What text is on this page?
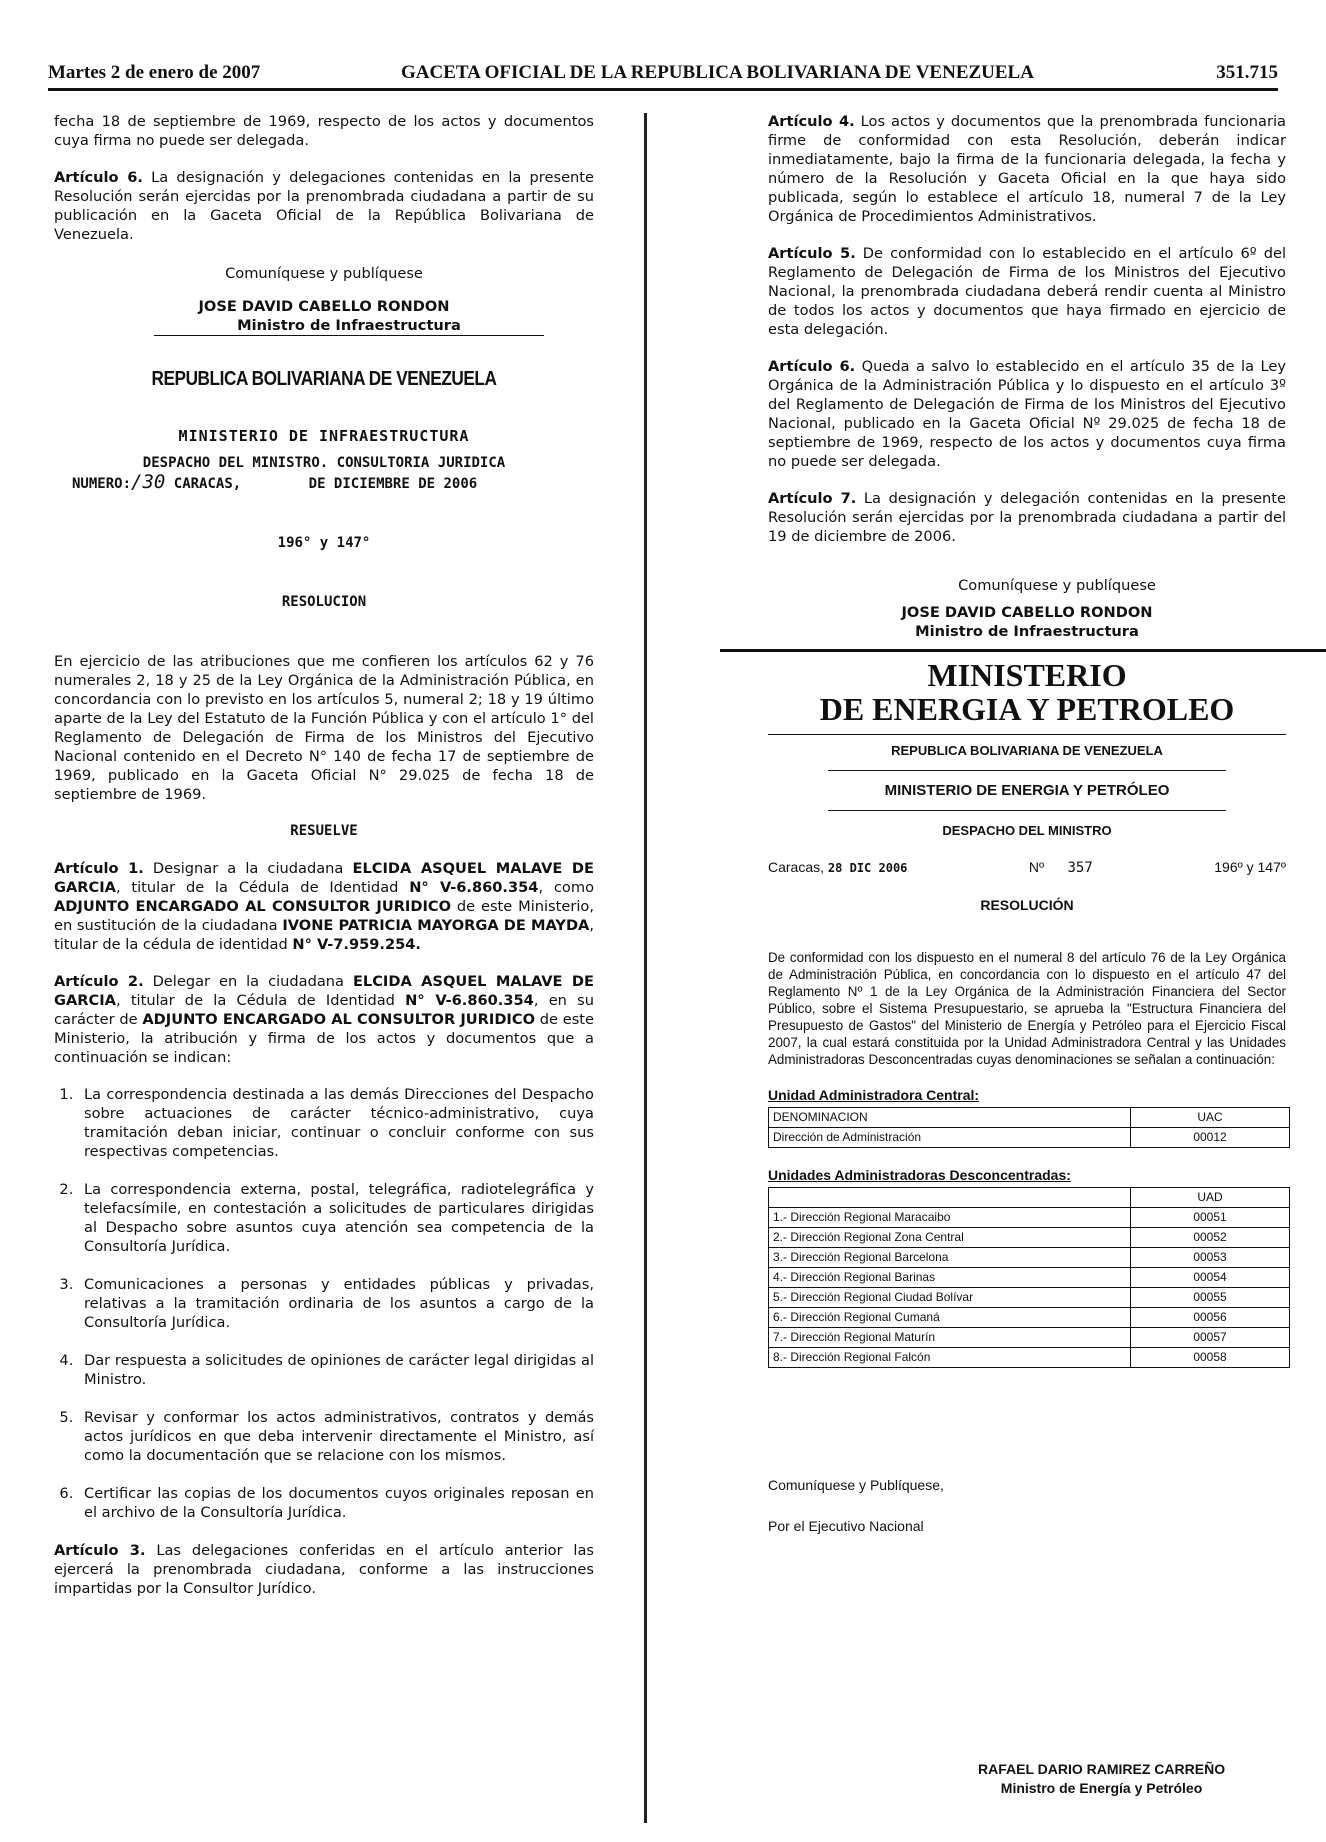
Martes 2 de enero de 2007	GACETA OFICIAL DE LA REPUBLICA BOLIVARIANA DE VENEZUELA	351.715

fecha 18 de septiembre de 1969, respecto de los actos y documentos cuya firma no puede ser delegada.

Artículo 6. La designación y delegaciones contenidas en la presente Resolución serán ejercidas por la prenombrada ciudadana a partir de su publicación en la Gaceta Oficial de la República Bolivariana de Venezuela.

Comuníquese y publíquese

JOSE DAVID CABELLO RONDON

Ministro de Infraestructura

REPUBLICA BOLIVARIANA DE VENEZUELA

MINISTERIO DE INFRAESTRUCTURA

DESPACHO DEL MINISTRO. CONSULTORIA JURIDICA

NUMERO:/30 CARACAS,	DE DICIEMBRE DE 2006

196° y 147°

RESOLUCION

En ejercicio de las atribuciones que me confieren los artículos 62 y 76 numerales 2, 18 y 25 de la Ley Orgánica de la Administración Pública, en concordancia con lo previsto en los artículos 5, numeral 2; 18 y 19 último aparte de la Ley del Estatuto de la Función Pública y con el artículo 1° del Reglamento de Delegación de Firma de los Ministros del Ejecutivo Nacional contenido en el Decreto N° 140 de fecha 17 de septiembre de 1969, publicado en la Gaceta Oficial N° 29.025 de fecha 18 de septiembre de 1969.

RESUELVE

Artículo 1. Designar a la ciudadana ELCIDA ASQUEL MALAVE DE GARCIA, titular de la Cédula de Identidad N° V-6.860.354, como ADJUNTO ENCARGADO AL CONSULTOR JURIDICO de este Ministerio, en sustitución de la ciudadana IVONE PATRICIA MAYORGA DE MAYDA, titular de la cédula de identidad N° V-7.959.254.

Artículo 2. Delegar en la ciudadana ELCIDA ASQUEL MALAVE DE GARCIA, titular de la Cédula de Identidad N° V-6.860.354, en su carácter de ADJUNTO ENCARGADO AL CONSULTOR JURIDICO de este Ministerio, la atribución y firma de los actos y documentos que a continuación se indican:

1. La correspondencia destinada a las demás Direcciones del Despacho sobre actuaciones de carácter técnico-administrativo, cuya tramitación deban iniciar, continuar o concluir conforme con sus respectivas competencias.
2. La correspondencia externa, postal, telegráfica, radiotelegráfica y telefacsímile, en contestación a solicitudes de particulares dirigidas al Despacho sobre asuntos cuya atención sea competencia de la Consultoría Jurídica.
3. Comunicaciones a personas y entidades públicas y privadas, relativas a la tramitación ordinaria de los asuntos a cargo de la Consultoría Jurídica.
4. Dar respuesta a solicitudes de opiniones de carácter legal dirigidas al Ministro.
5. Revisar y conformar los actos administrativos, contratos y demás actos jurídicos en que deba intervenir directamente el Ministro, así como la documentación que se relacione con los mismos.
6. Certificar las copias de los documentos cuyos originales reposan en el archivo de la Consultoría Jurídica.

Artículo 3. Las delegaciones conferidas en el artículo anterior las ejercerá la prenombrada ciudadana, conforme a las instrucciones impartidas por la Consultor Jurídico.

Artículo 4. Los actos y documentos que la prenombrada funcionaria firme de conformidad con esta Resolución, deberán indicar inmediatamente, bajo la firma de la funcionaria delegada, la fecha y número de la Resolución y Gaceta Oficial en la que haya sido publicada, según lo establece el artículo 18, numeral 7 de la Ley Orgánica de Procedimientos Administrativos.

Artículo 5. De conformidad con lo establecido en el artículo 6º del Reglamento de Delegación de Firma de los Ministros del Ejecutivo Nacional, la prenombrada ciudadana deberá rendir cuenta al Ministro de todos los actos y documentos que haya firmado en ejercicio de esta delegación.

Artículo 6. Queda a salvo lo establecido en el artículo 35 de la Ley Orgánica de la Administración Pública y lo dispuesto en el artículo 3º del Reglamento de Delegación de Firma de los Ministros del Ejecutivo Nacional, publicado en la Gaceta Oficial Nº 29.025 de fecha 18 de septiembre de 1969, respecto de los actos y documentos cuya firma no puede ser delegada.

Artículo 7. La designación y delegación contenidas en la presente Resolución serán ejercidas por la prenombrada ciudadana a partir del 19 de diciembre de 2006.

Comuníquese y publíquese

JOSE DAVID CABELLO RONDON

Ministro de Infraestructura

MINISTERIO
DE ENERGIA Y PETROLEO
REPUBLICA BOLIVARIANA DE VENEZUELA
MINISTERIO DE ENERGIA Y PETRÓLEO
DESPACHO DEL MINISTRO
Caracas, 28 DIC 2006	Nº 357	196º y 147º
RESOLUCIÓN

De conformidad con los dispuesto en el numeral 8 del artículo 76 de la Ley Orgánica de Administración Pública, en concordancia con lo dispuesto en el artículo 47 del Reglamento Nº 1 de la Ley Orgánica de la Administración Financiera del Sector Público, sobre el Sistema Presupuestario, se aprueba la "Estructura Financiera del Presupuesto de Gastos" del Ministerio de Energía y Petróleo para el Ejercicio Fiscal 2007, la cual estará constituida por la Unidad Administradora Central y las Unidades Administradoras Desconcentradas cuyas denominaciones se señalan a continuación:

Unidad Administradora Central:
DENOMINACION	UAC
Dirección de Administración	00012
Unidades Administradoras Desconcentradas:
	UAD
1.- Dirección Regional Maracaibo	00051
2.- Dirección Regional Zona Central	00052
3.- Dirección Regional Barcelona	00053
4.- Dirección Regional Barinas	00054
5.- Dirección Regional Ciudad Bolívar	00055
6.- Dirección Regional Cumaná	00056
7.- Dirección Regional Maturín	00057
8.- Dirección Regional Falcón	00058

Comuníquese y Publíquese,

Por el Ejecutivo Nacional

RAFAEL DARIO RAMIREZ CARREÑO
Ministro de Energía y Petróleo
